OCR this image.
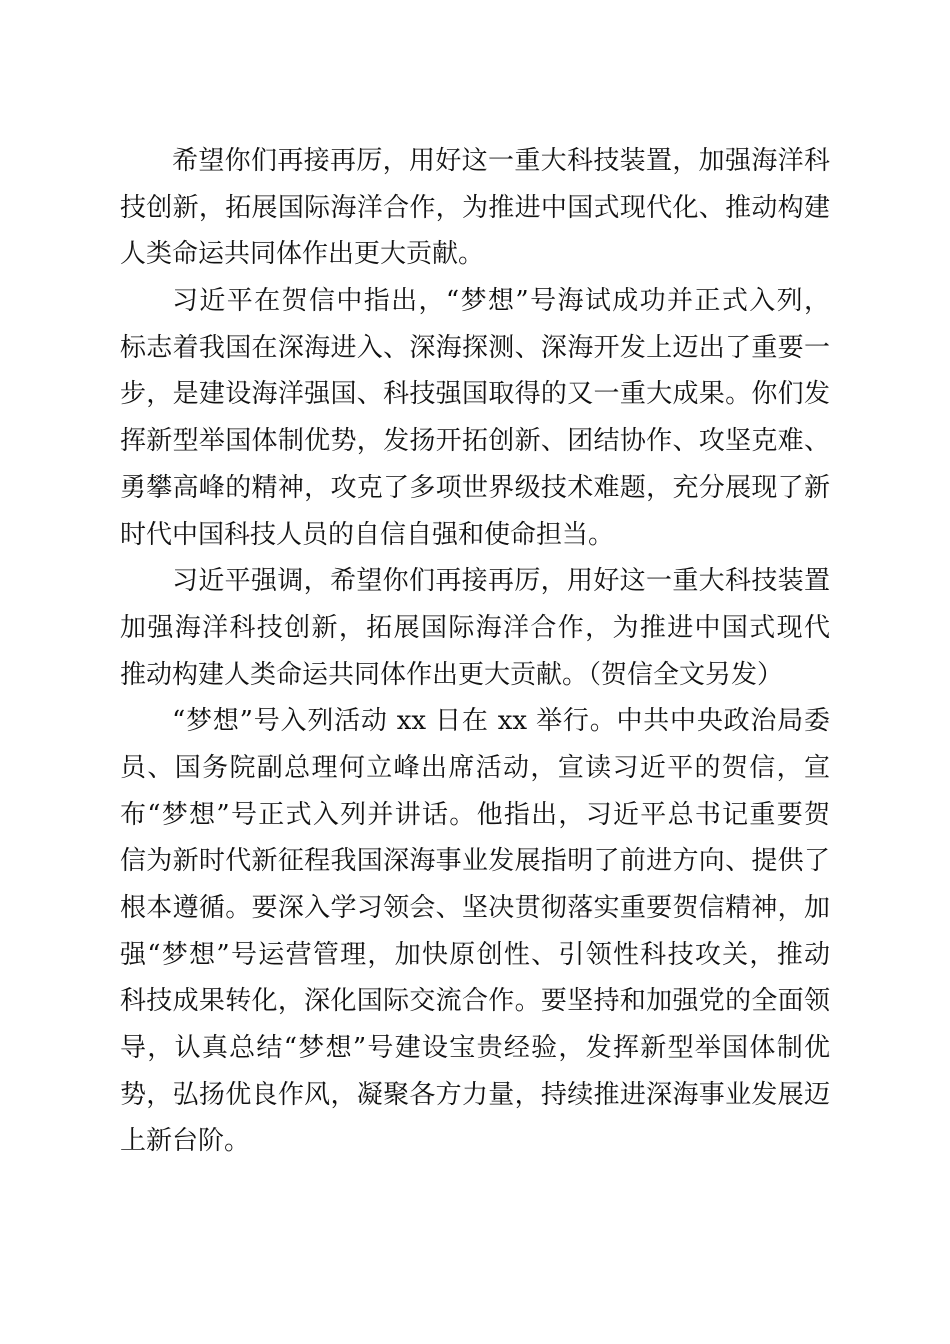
希望你们再接再厉，用好这一重大科技装置，加强海洋科
技创新，拓展国际海洋合作，为推进中国式现代化、推动构建
人类命运共同体作出更大贡献。
习近平在贺信中指出，“梦想”号海试成功并正式入列，
标志着我国在深海进入、深海探测、深海开发上迈出了重要一
步，是建设海洋强国、科技强国取得的又一重大成果。你们发
挥新型举国体制优势，发扬开拓创新、团结协作、攻坚克难、
勇攀高峰的精神，攻克了多项世界级技术难题，充分展现了新
时代中国科技人员的自信自强和使命担当。
习近平强调，希望你们再接再厉，用好这一重大科技装置
加强海洋科技创新，拓展国际海洋合作，为推进中国式现代
推动构建人类命运共同体作出更大贡献。（贺信全文另发）
“梦想”号入列活动 xx 日在 xx 举行。中共中央政治局委
员、国务院副总理何立峰出席活动，宣读习近平的贺信，宣
布“梦想”号正式入列并讲话。他指出，习近平总书记重要贺
信为新时代新征程我国深海事业发展指明了前进方向、提供了
根本遵循。要深入学习领会、坚决贯彻落实重要贺信精神，加
强“梦想”号运营管理，加快原创性、引领性科技攻关，推动
科技成果转化，深化国际交流合作。要坚持和加强党的全面领
导，认真总结“梦想”号建设宝贵经验，发挥新型举国体制优
势，弘扬优良作风，凝聚各方力量，持续推进深海事业发展迈
上新台阶。
